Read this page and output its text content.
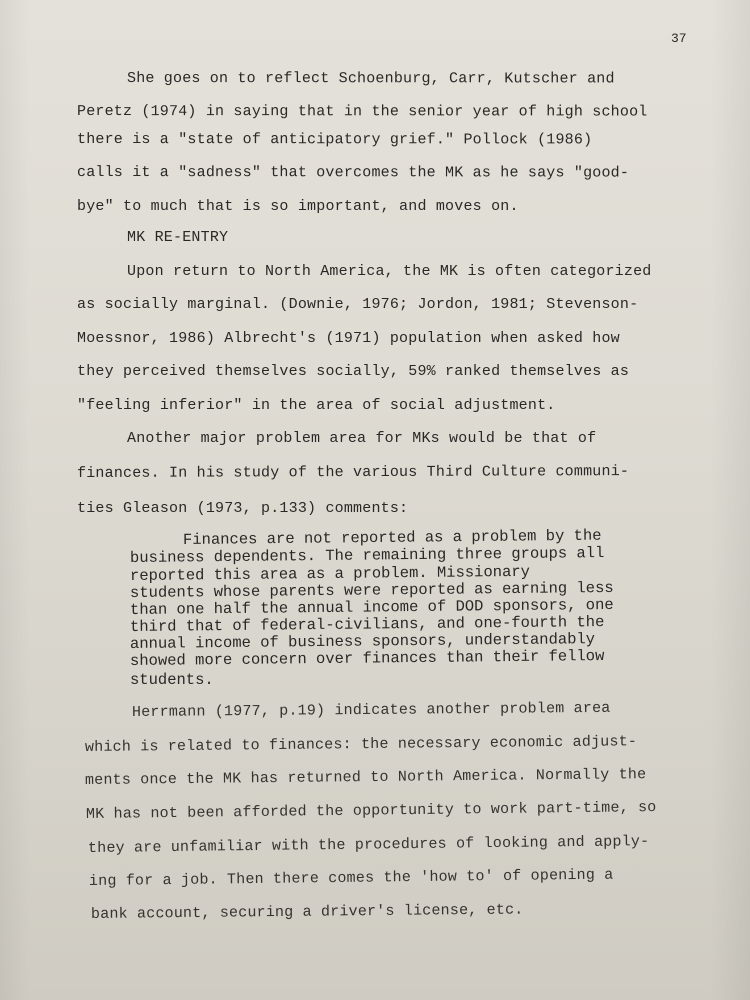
37
She goes on to reflect Schoenburg, Carr, Kutscher and
Peretz (1974) in saying that in the senior year of high school
there is a "state of anticipatory grief." Pollock (1986)
calls it a "sadness" that overcomes the MK as he says "good-
bye" to much that is so important, and moves on.
MK RE-ENTRY
Upon return to North America, the MK is often categorized
as socially marginal. (Downie, 1976; Jordon, 1981; Stevenson-
Moessnor, 1986) Albrecht's (1971) population when asked how
they perceived themselves socially, 59% ranked themselves as
"feeling inferior" in the area of social adjustment.
Another major problem area for MKs would be that of
finances. In his study of the various Third Culture communi-
ties Gleason (1973, p.133) comments:
Finances are not reported as a problem by the
business dependents. The remaining three groups all
reported this area as a problem. Missionary
students whose parents were reported as earning less
than one half the annual income of DOD sponsors, one
third that of federal-civilians, and one-fourth the
annual income of business sponsors, understandably
showed more concern over finances than their fellow
students.
Herrmann (1977, p.19) indicates another problem area
which is related to finances: the necessary economic adjust-
ments once the MK has returned to North America. Normally the
MK has not been afforded the opportunity to work part-time, so
they are unfamiliar with the procedures of looking and apply-
ing for a job. Then there comes the 'how to' of opening a
bank account, securing a driver's license, etc.
